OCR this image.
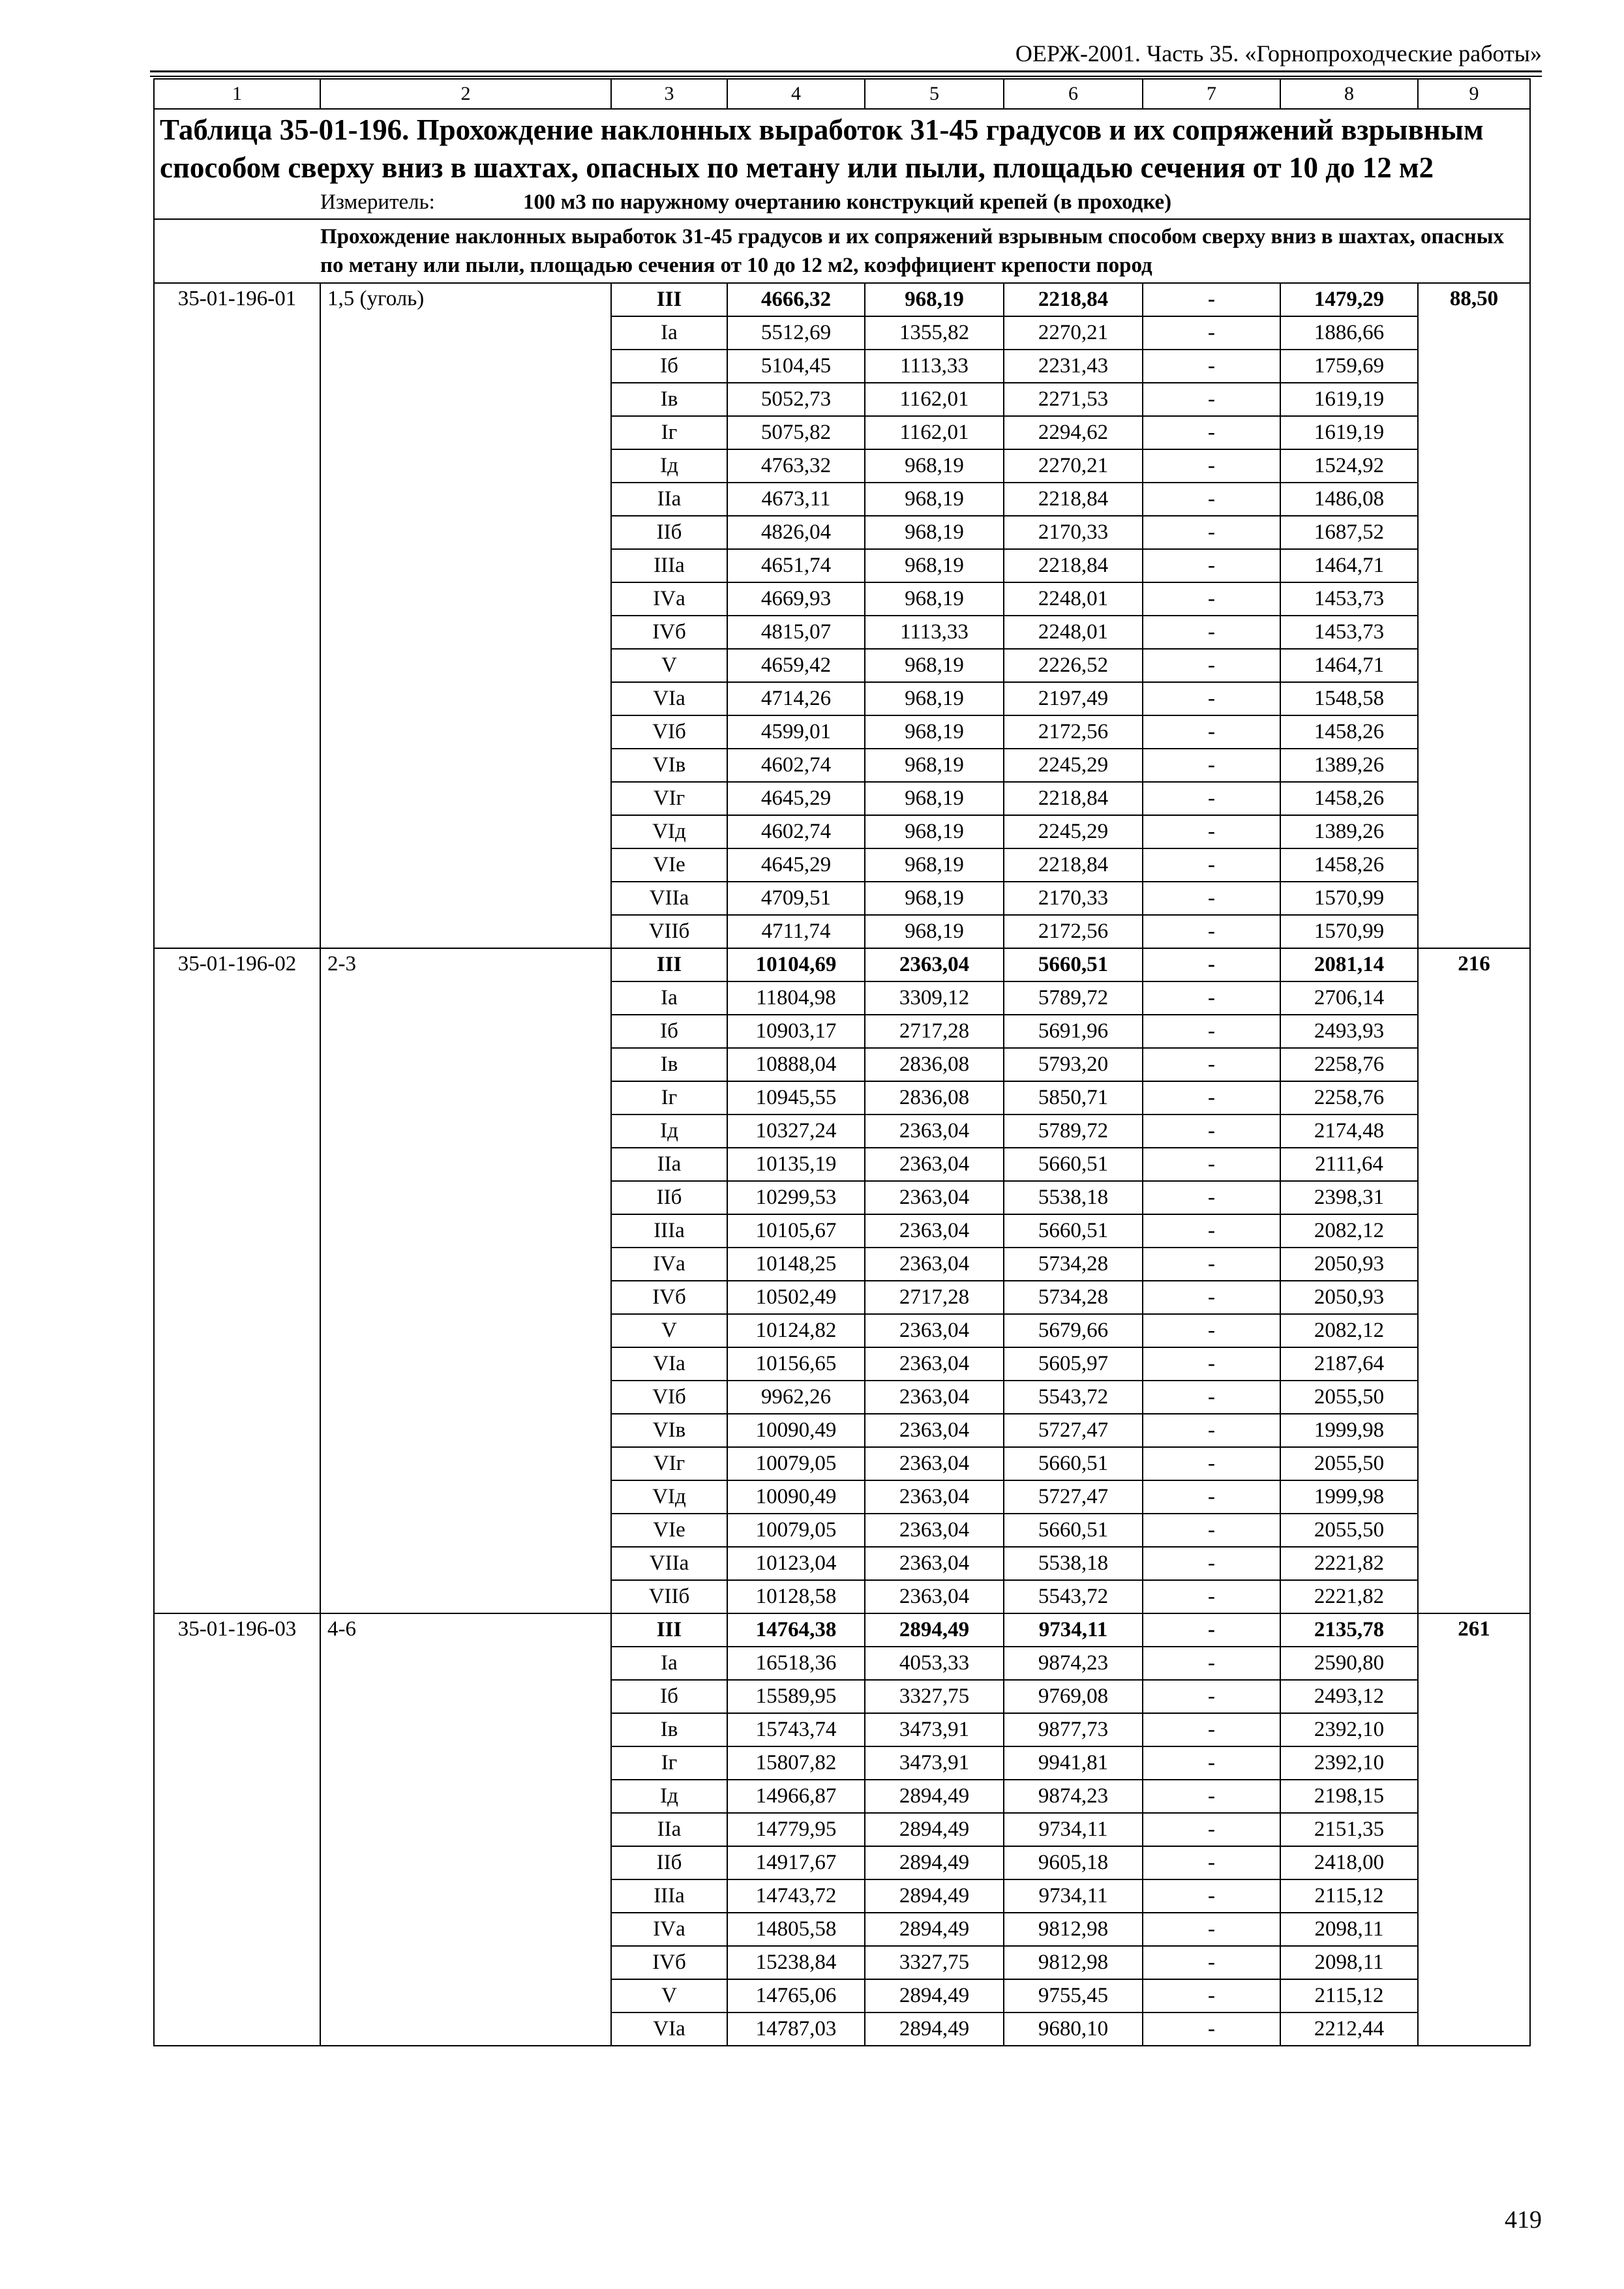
ОЕРЖ-2001. Часть 35. «Горнопроходческие работы»
1	2	3	4	5	6	7	8	9
Таблица 35-01-196. Прохождение наклонных выработок 31-45 градусов и их сопряжений взрывным способом сверху вниз в шахтах, опасных по метану или пыли, площадью сечения от 10 до 12 м2								
	Измеритель:	100 м3 по наружному очертанию конструкций крепей (в проходке)						
	Прохождение наклонных выработок 31-45 градусов и их сопряжений взрывным способом сверху вниз в шахтах, опасных по метану или пыли, площадью сечения от 10 до 12 м2, коэффициент крепости пород							
35-01-196-01	1,5 (уголь)	III	4666,32	968,19	2218,84	-	1479,29	88,50
		Iа	5512,69	1355,82	2270,21	-	1886,66	
		Iб	5104,45	1113,33	2231,43	-	1759,69	
		Iв	5052,73	1162,01	2271,53	-	1619,19	
		Iг	5075,82	1162,01	2294,62	-	1619,19	
		Iд	4763,32	968,19	2270,21	-	1524,92	
		IIа	4673,11	968,19	2218,84	-	1486,08	
		IIб	4826,04	968,19	2170,33	-	1687,52	
		IIIа	4651,74	968,19	2218,84	-	1464,71	
		IVа	4669,93	968,19	2248,01	-	1453,73	
		IVб	4815,07	1113,33	2248,01	-	1453,73	
		V	4659,42	968,19	2226,52	-	1464,71	
		VIа	4714,26	968,19	2197,49	-	1548,58	
		VIб	4599,01	968,19	2172,56	-	1458,26	
		VIв	4602,74	968,19	2245,29	-	1389,26	
		VIг	4645,29	968,19	2218,84	-	1458,26	
		VIд	4602,74	968,19	2245,29	-	1389,26	
		VIе	4645,29	968,19	2218,84	-	1458,26	
		VIIа	4709,51	968,19	2170,33	-	1570,99	
		VIIб	4711,74	968,19	2172,56	-	1570,99	
35-01-196-02	2-3	III	10104,69	2363,04	5660,51	-	2081,14	216
		Iа	11804,98	3309,12	5789,72	-	2706,14	
		Iб	10903,17	2717,28	5691,96	-	2493,93	
		Iв	10888,04	2836,08	5793,20	-	2258,76	
		Iг	10945,55	2836,08	5850,71	-	2258,76	
		Iд	10327,24	2363,04	5789,72	-	2174,48	
		IIа	10135,19	2363,04	5660,51	-	2111,64	
		IIб	10299,53	2363,04	5538,18	-	2398,31	
		IIIа	10105,67	2363,04	5660,51	-	2082,12	
		IVа	10148,25	2363,04	5734,28	-	2050,93	
		IVб	10502,49	2717,28	5734,28	-	2050,93	
		V	10124,82	2363,04	5679,66	-	2082,12	
		VIа	10156,65	2363,04	5605,97	-	2187,64	
		VIб	9962,26	2363,04	5543,72	-	2055,50	
		VIв	10090,49	2363,04	5727,47	-	1999,98	
		VIг	10079,05	2363,04	5660,51	-	2055,50	
		VIд	10090,49	2363,04	5727,47	-	1999,98	
		VIе	10079,05	2363,04	5660,51	-	2055,50	
		VIIа	10123,04	2363,04	5538,18	-	2221,82	
		VIIб	10128,58	2363,04	5543,72	-	2221,82	
35-01-196-03	4-6	III	14764,38	2894,49	9734,11	-	2135,78	261
		Iа	16518,36	4053,33	9874,23	-	2590,80	
		Iб	15589,95	3327,75	9769,08	-	2493,12	
		Iв	15743,74	3473,91	9877,73	-	2392,10	
		Iг	15807,82	3473,91	9941,81	-	2392,10	
		Iд	14966,87	2894,49	9874,23	-	2198,15	
		IIа	14779,95	2894,49	9734,11	-	2151,35	
		IIб	14917,67	2894,49	9605,18	-	2418,00	
		IIIа	14743,72	2894,49	9734,11	-	2115,12	
		IVа	14805,58	2894,49	9812,98	-	2098,11	
		IVб	15238,84	3327,75	9812,98	-	2098,11	
		V	14765,06	2894,49	9755,45	-	2115,12	
		VIа	14787,03	2894,49	9680,10	-	2212,44	
419
